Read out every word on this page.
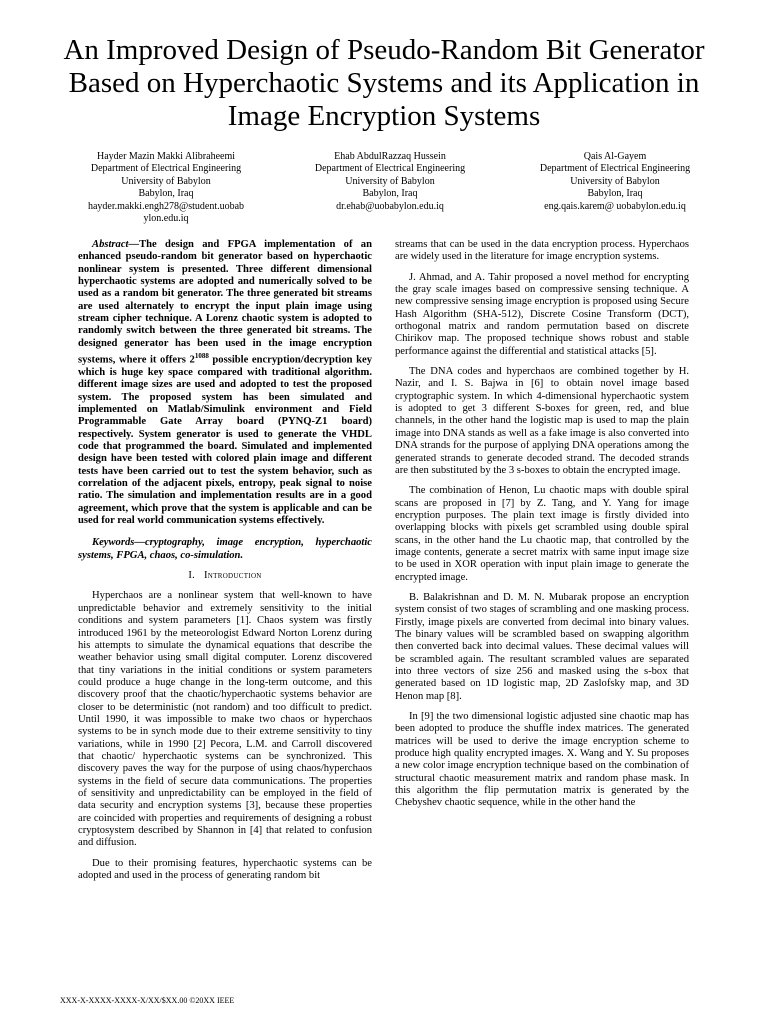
An Improved Design of Pseudo-Random Bit Generator Based on Hyperchaotic Systems and its Application in Image Encryption Systems
Hayder Mazin Makki Alibraheemi
Department of Electrical Engineering
University of Babylon
Babylon, Iraq
hayder.makki.engh278@student.uobab ylon.edu.iq
Ehab AbdulRazzaq Hussein
Department of Electrical Engineering
University of Babylon
Babylon, Iraq
dr.ehab@uobabylon.edu.iq
Qais Al-Gayem
Department of Electrical Engineering
University of Babylon
Babylon, Iraq
eng.qais.karem@ uobabylon.edu.iq

Abstract—The design and FPGA implementation of an enhanced pseudo-random bit generator based on hyperchaotic nonlinear system is presented. Three different dimensional hyperchaotic systems are adopted and numerically solved to be used as a random bit generator. The three generated bit streams are used alternately to encrypt the input plain image using stream cipher technique. A Lorenz chaotic system is adopted to randomly switch between the three generated bit streams. The designed generator has been used in the image encryption systems, where it offers $2^{1088}$ possible encryption/decryption key which is huge key space compared with traditional algorithm. different image sizes are used and adopted to test the proposed system. The proposed system has been simulated and implemented on Matlab/Simulink environment and Field Programmable Gate Array board (PYNQ-Z1 board) respectively. System generator is used to generate the VHDL code that programmed the board. Simulated and implemented design have been tested with colored plain image and different tests have been carried out to test the system behavior, such as correlation of the adjacent pixels, entropy, peak signal to noise ratio. The simulation and implementation results are in a good agreement, which prove that the system is applicable and can be used for real world communication systems effectively.

Keywords—cryptography, image encryption, hyperchaotic systems, FPGA, chaos, co-simulation.

I. Introduction

Hyperchaos are a nonlinear system that well-known to have unpredictable behavior and extremely sensitivity to the initial conditions and system parameters [1]. Chaos system was firstly introduced 1961 by the meteorologist Edward Norton Lorenz during his attempts to simulate the dynamical equations that describe the weather behavior using small digital computer. Lorenz discovered that tiny variations in the initial conditions or system parameters could produce a huge change in the long-term outcome, and this discovery proof that the chaotic/hyperchaotic systems behavior are closer to be deterministic (not random) and too difficult to predict. Until 1990, it was impossible to make two chaos or hyperchaos systems to be in synch mode due to their extreme sensitivity to tiny variations, while in 1990 [2] Pecora, L.M. and Carroll discovered that chaotic/ hyperchaotic systems can be synchronized. This discovery paves the way for the purpose of using chaos/hyperchaos systems in the field of secure data communications. The properties of sensitivity and unpredictability can be employed in the field of data security and encryption systems [3], because these properties are coincided with properties and requirements of designing a robust cryptosystem described by Shannon in [4] that related to confusion and diffusion.

Due to their promising features, hyperchaotic systems can be adopted and used in the process of generating random bit

streams that can be used in the data encryption process. Hyperchaos are widely used in the literature for image encryption systems.

J. Ahmad, and A. Tahir proposed a novel method for encrypting the gray scale images based on compressive sensing technique. A new compressive sensing image encryption is proposed using Secure Hash Algorithm (SHA-512), Discrete Cosine Transform (DCT), orthogonal matrix and random permutation based on discrete Chirikov map. The proposed technique shows robust and stable performance against the differential and statistical attacks [5].

The DNA codes and hyperchaos are combined together by H. Nazir, and I. S. Bajwa in [6] to obtain novel image based cryptographic system. In which 4-dimensional hyperchaotic system is adopted to get 3 different S-boxes for green, red, and blue channels, in the other hand the logistic map is used to map the plain image into DNA stands as well as a fake image is also converted into DNA strands for the purpose of applying DNA operations among the generated strands to generate decoded strand. The decoded strands are then substituted by the 3 s-boxes to obtain the encrypted image.

The combination of Henon, Lu chaotic maps with double spiral scans are proposed in [7] by Z. Tang, and Y. Yang for image encryption purposes. The plain text image is firstly divided into overlapping blocks with pixels get scrambled using double spiral scans, in the other hand the Lu chaotic map, that controlled by the image contents, generate a secret matrix with same input image size to be used in XOR operation with input plain image to generate the encrypted image.

B. Balakrishnan and D. M. N. Mubarak propose an encryption system consist of two stages of scrambling and one masking process. Firstly, image pixels are converted from decimal into binary values. The binary values will be scrambled based on swapping algorithm then converted back into decimal values. These decimal values will be scrambled again. The resultant scrambled values are separated into three vectors of size 256 and masked using the s-box that generated based on 1D logistic map, 2D Zaslofsky map, and 3D Henon map [8].

In [9] the two dimensional logistic adjusted sine chaotic map has been adopted to produce the shuffle index matrices. The generated matrices will be used to derive the image encryption scheme to produce high quality encrypted images. X. Wang and Y. Su proposes a new color image encryption technique based on the combination of structural chaotic measurement matrix and random phase mask. In this algorithm the flip permutation matrix is generated by the Chebyshev chaotic sequence, while in the other hand the

XXX-X-XXXX-XXXX-X/XX/$XX.00 ©20XX IEEE
